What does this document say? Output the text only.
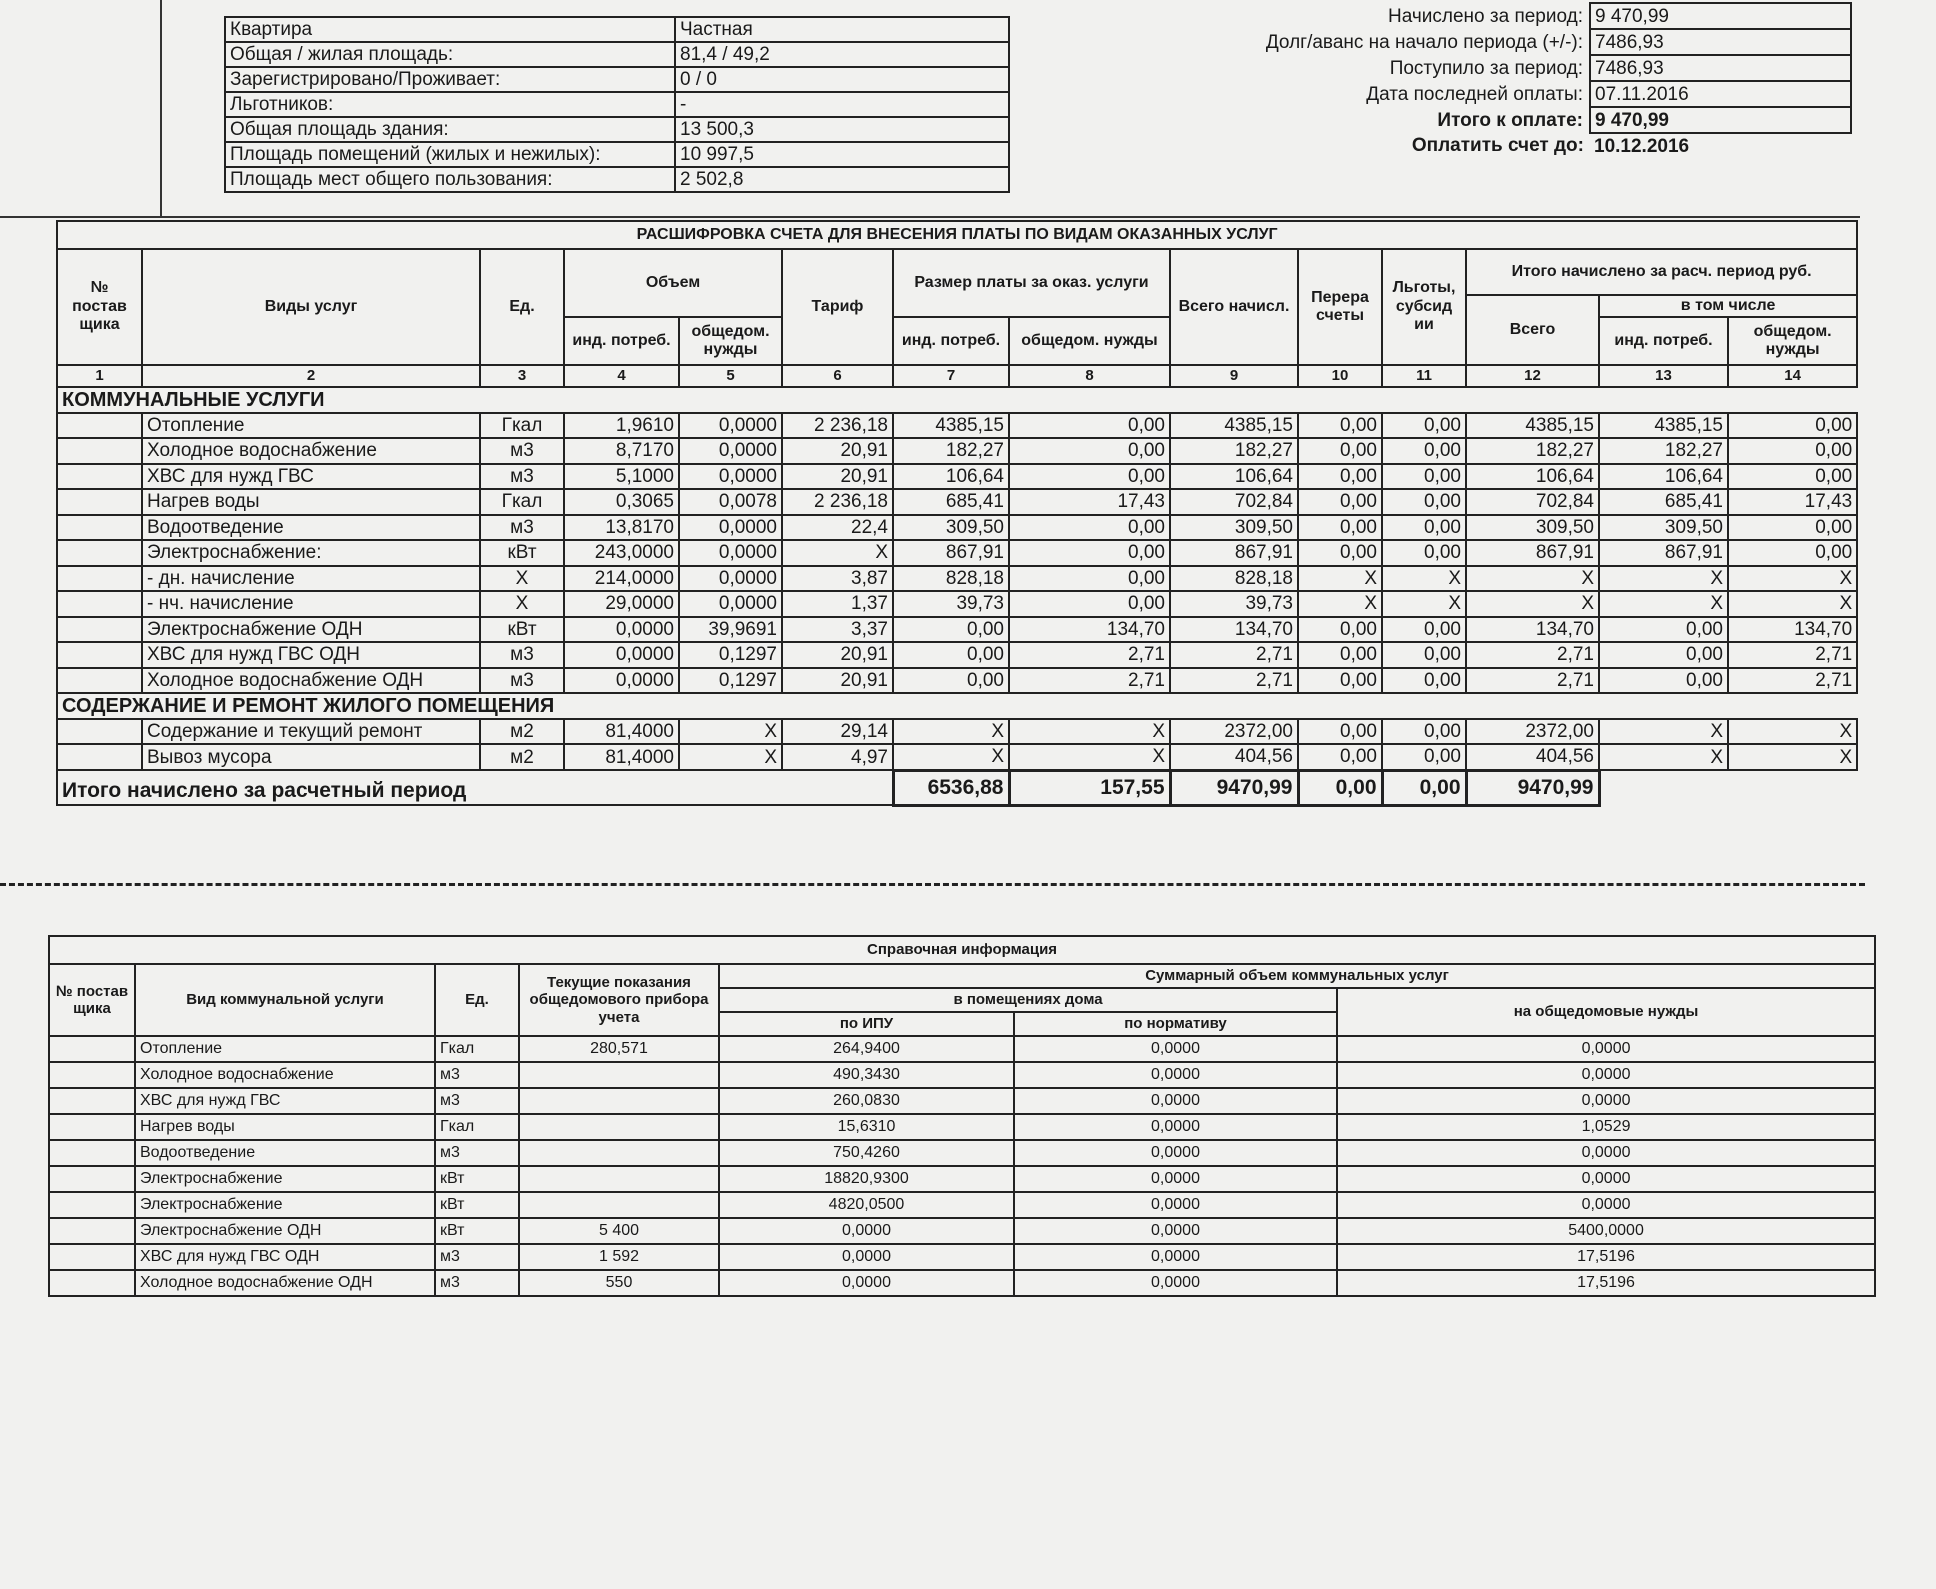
Квартира	Частная
Общая / жилая площадь:	81,4 / 49,2
Зарегистрировано/Проживает:	0 / 0
Льготников:	-
Общая площадь здания:	13 500,3
Площадь помещений (жилых и нежилых):	10 997,5
Площадь мест общего пользования:	2 502,8
Начислено за период:	9 470,99
Долг/аванс на начало периода (+/-):	7486,93
Поступило за период:	7486,93
Дата последней оплаты:	07.11.2016
Итого к оплате:	9 470,99
Оплатить счет до:	10.12.2016
РАСШИФРОВКА СЧЕТА ДЛЯ ВНЕСЕНИЯ ПЛАТЫ ПО ВИДАМ ОКАЗАННЫХ УСЛУГ													
№ постав щика	Виды услуг	Ед.	Объем		Тариф	Размер платы за оказ. услуги		Всего начисл.	Перера счеты	Льготы, субсид ии	Итого начислено за расч. период руб.		
											Всего	в том числе	
			инд. потреб.	общедом. нужды		инд. потреб.	общедом. нужды					инд. потреб.	общедом. нужды
1	2	3	4	5	6	7	8	9	10	11	12	13	14
КОММУНАЛЬНЫЕ УСЛУГИ													
	Отопление	Гкал	1,9610	0,0000	2 236,18	4385,15	0,00	4385,15	0,00	0,00	4385,15	4385,15	0,00
	Холодное водоснабжение	м3	8,7170	0,0000	20,91	182,27	0,00	182,27	0,00	0,00	182,27	182,27	0,00
	ХВС для нужд ГВС	м3	5,1000	0,0000	20,91	106,64	0,00	106,64	0,00	0,00	106,64	106,64	0,00
	Нагрев воды	Гкал	0,3065	0,0078	2 236,18	685,41	17,43	702,84	0,00	0,00	702,84	685,41	17,43
	Водоотведение	м3	13,8170	0,0000	22,4	309,50	0,00	309,50	0,00	0,00	309,50	309,50	0,00
	Электроснабжение:	кВт	243,0000	0,0000	X	867,91	0,00	867,91	0,00	0,00	867,91	867,91	0,00
	- дн. начисление	X	214,0000	0,0000	3,87	828,18	0,00	828,18	X	X	X	X	X
	- нч. начисление	X	29,0000	0,0000	1,37	39,73	0,00	39,73	X	X	X	X	X
	Электроснабжение ОДН	кВт	0,0000	39,9691	3,37	0,00	134,70	134,70	0,00	0,00	134,70	0,00	134,70
	ХВС для нужд ГВС ОДН	м3	0,0000	0,1297	20,91	0,00	2,71	2,71	0,00	0,00	2,71	0,00	2,71
	Холодное водоснабжение ОДН	м3	0,0000	0,1297	20,91	0,00	2,71	2,71	0,00	0,00	2,71	0,00	2,71
СОДЕРЖАНИЕ И РЕМОНТ ЖИЛОГО ПОМЕЩЕНИЯ													
	Содержание и текущий ремонт	м2	81,4000	X	29,14	X	X	2372,00	0,00	0,00	2372,00	X	X
	Вывоз мусора	м2	81,4000	X	4,97	X	X	404,56	0,00	0,00	404,56	X	X
Итого начислено за расчетный период						6536,88	157,55	9470,99	0,00	0,00	9470,99		
Справочная информация						
№ постав щика	Вид коммунальной услуги	Ед.	Текущие показания общедомового прибора учета	Суммарный объем коммунальных услуг		
				в помещениях дома		на общедомовые нужды
				по ИПУ	по нормативу	
	Отопление	Гкал	280,571	264,9400	0,0000	0,0000
	Холодное водоснабжение	м3		490,3430	0,0000	0,0000
	ХВС для нужд ГВС	м3		260,0830	0,0000	0,0000
	Нагрев воды	Гкал		15,6310	0,0000	1,0529
	Водоотведение	м3		750,4260	0,0000	0,0000
	Электроснабжение	кВт		18820,9300	0,0000	0,0000
	Электроснабжение	кВт		4820,0500	0,0000	0,0000
	Электроснабжение ОДН	кВт	5 400	0,0000	0,0000	5400,0000
	ХВС для нужд ГВС ОДН	м3	1 592	0,0000	0,0000	17,5196
	Холодное водоснабжение ОДН	м3	550	0,0000	0,0000	17,5196
